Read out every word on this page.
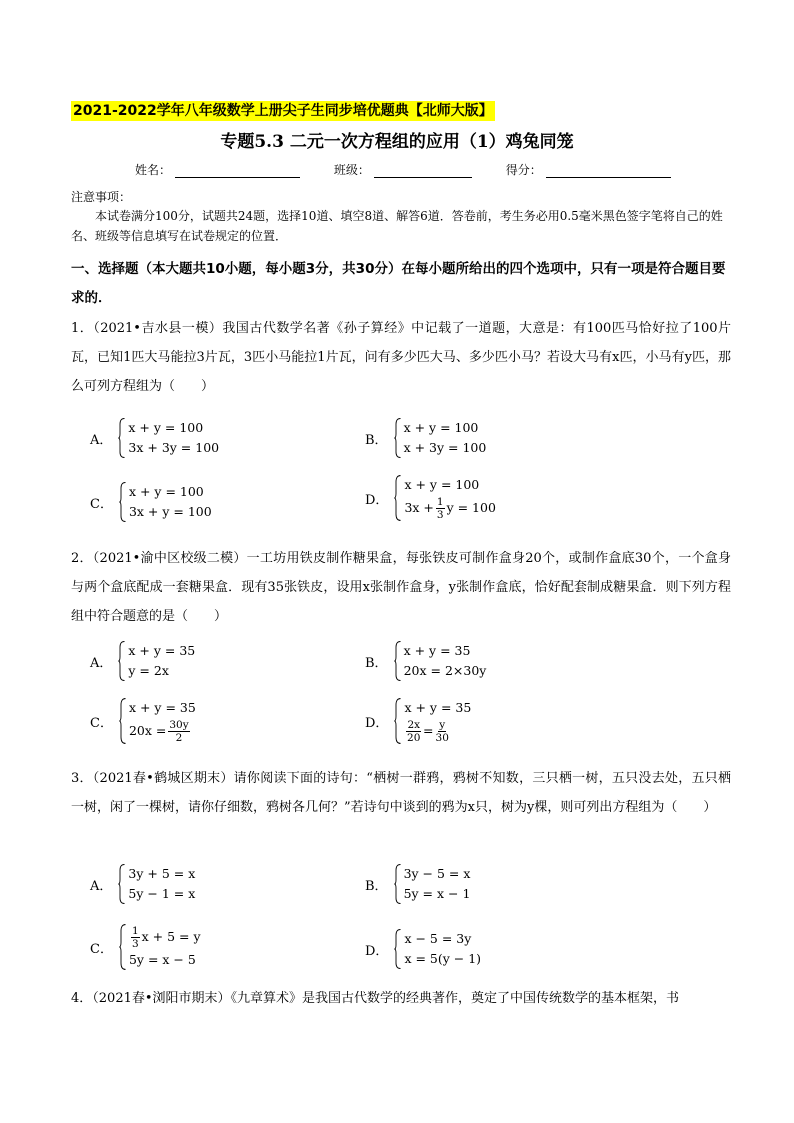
2021-2022学年八年级数学上册尖子生同步培优题典【北师大版】
专题5.3 二元一次方程组的应用（1）鸡兔同笼
姓名：	班级：	得分：
注意事项：
本试卷满分100分，试题共24题，选择10道、填空8道、解答6道．答卷前，考生务必用0.5毫米黑色签字笔将自己的姓名、班级等信息填写在试卷规定的位置．
一、选择题（本大题共10小题，每小题3分，共30分）在每小题所给出的四个选项中，只有一项是符合题目要求的．
1．（2021•吉水县一模）我国古代数学名著《孙子算经》中记载了一道题，大意是：有100匹马恰好拉了100片瓦，已知1匹大马能拉3片瓦，3匹小马能拉1片瓦，问有多少匹大马、多少匹小马？若设大马有x匹，小马有y匹，那么可列方程组为（　　）
A．
x + y = 100
3x + 3y = 100	B．
x + y = 100
x + 3y = 100
C．
x + y = 100
3x + y = 100
D．
x + y = 100
$3x + \frac{1}{3}$ y = 100
2．（2021•渝中区校级二模）一工坊用铁皮制作糖果盒，每张铁皮可制作盒身20个，或制作盒底30个，一个盒身与两个盒底配成一套糖果盒．现有35张铁皮，设用x张制作盒身，y张制作盒底，恰好配套制成糖果盒．则下列方程组中符合题意的是（　　）
A．
x + y = 35
y = 2x	B．
x + y = 35
20x = 2×30y
C．
x + y = 35
$20x = \frac{30y}{2}$	D．
x + y = 35
$\frac{2x}{20} = \frac{y}{30}$
3．（2021春•鹤城区期末）请你阅读下面的诗句：“栖树一群鸦，鸦树不知数，三只栖一树，五只没去处，五只栖一树，闲了一棵树，请你仔细数，鸦树各几何？”若诗句中谈到的鸦为x只，树为y棵，则可列出方程组为（　　）
A．
3y + 5 = x
5y − 1 = x	B．
3y − 5 = x
5y = x − 1
C． $\frac{1}{3}$ x + 5 = y
5y = x − 5
D．
x − 5 = 3y
x = 5(y − 1)
4．（2021春•浏阳市期末）《九章算术》是我国古代数学的经典著作，奠定了中国传统数学的基本框架，书
